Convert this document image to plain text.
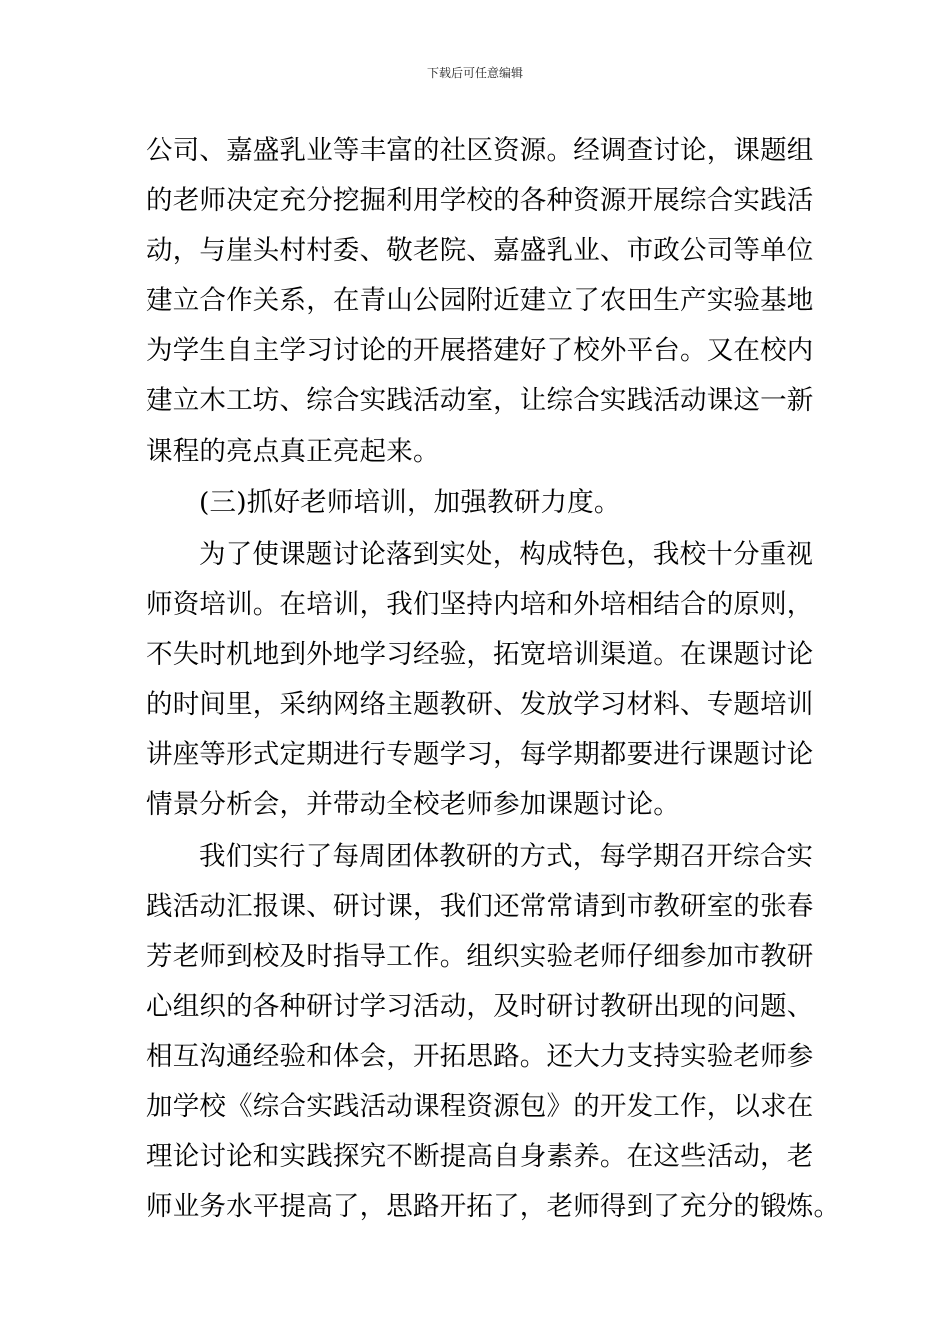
下载后可任意编辑
公司、嘉盛乳业等丰富的社区资源。经调查讨论，课题组
的老师决定充分挖掘利用学校的各种资源开展综合实践活
动，与崖头村村委、敬老院、嘉盛乳业、市政公司等单位
建立合作关系，在青山公园附近建立了农田生产实验基地
为学生自主学习讨论的开展搭建好了校外平台。又在校内
建立木工坊、综合实践活动室，让综合实践活动课这一新
课程的亮点真正亮起来。
(三)抓好老师培训，加强教研力度。
为了使课题讨论落到实处，构成特色，我校十分重视
师资培训。在培训，我们坚持内培和外培相结合的原则，
不失时机地到外地学习经验，拓宽培训渠道。在课题讨论
的时间里，采纳网络主题教研、发放学习材料、专题培训
讲座等形式定期进行专题学习，每学期都要进行课题讨论
情景分析会，并带动全校老师参加课题讨论。
我们实行了每周团体教研的方式，每学期召开综合实
践活动汇报课、研讨课，我们还常常请到市教研室的张春
芳老师到校及时指导工作。组织实验老师仔细参加市教研
心组织的各种研讨学习活动，及时研讨教研出现的问题、
相互沟通经验和体会，开拓思路。还大力支持实验老师参
加学校《综合实践活动课程资源包》的开发工作，以求在
理论讨论和实践探究不断提高自身素养。在这些活动，老
师业务水平提高了，思路开拓了，老师得到了充分的锻炼。
